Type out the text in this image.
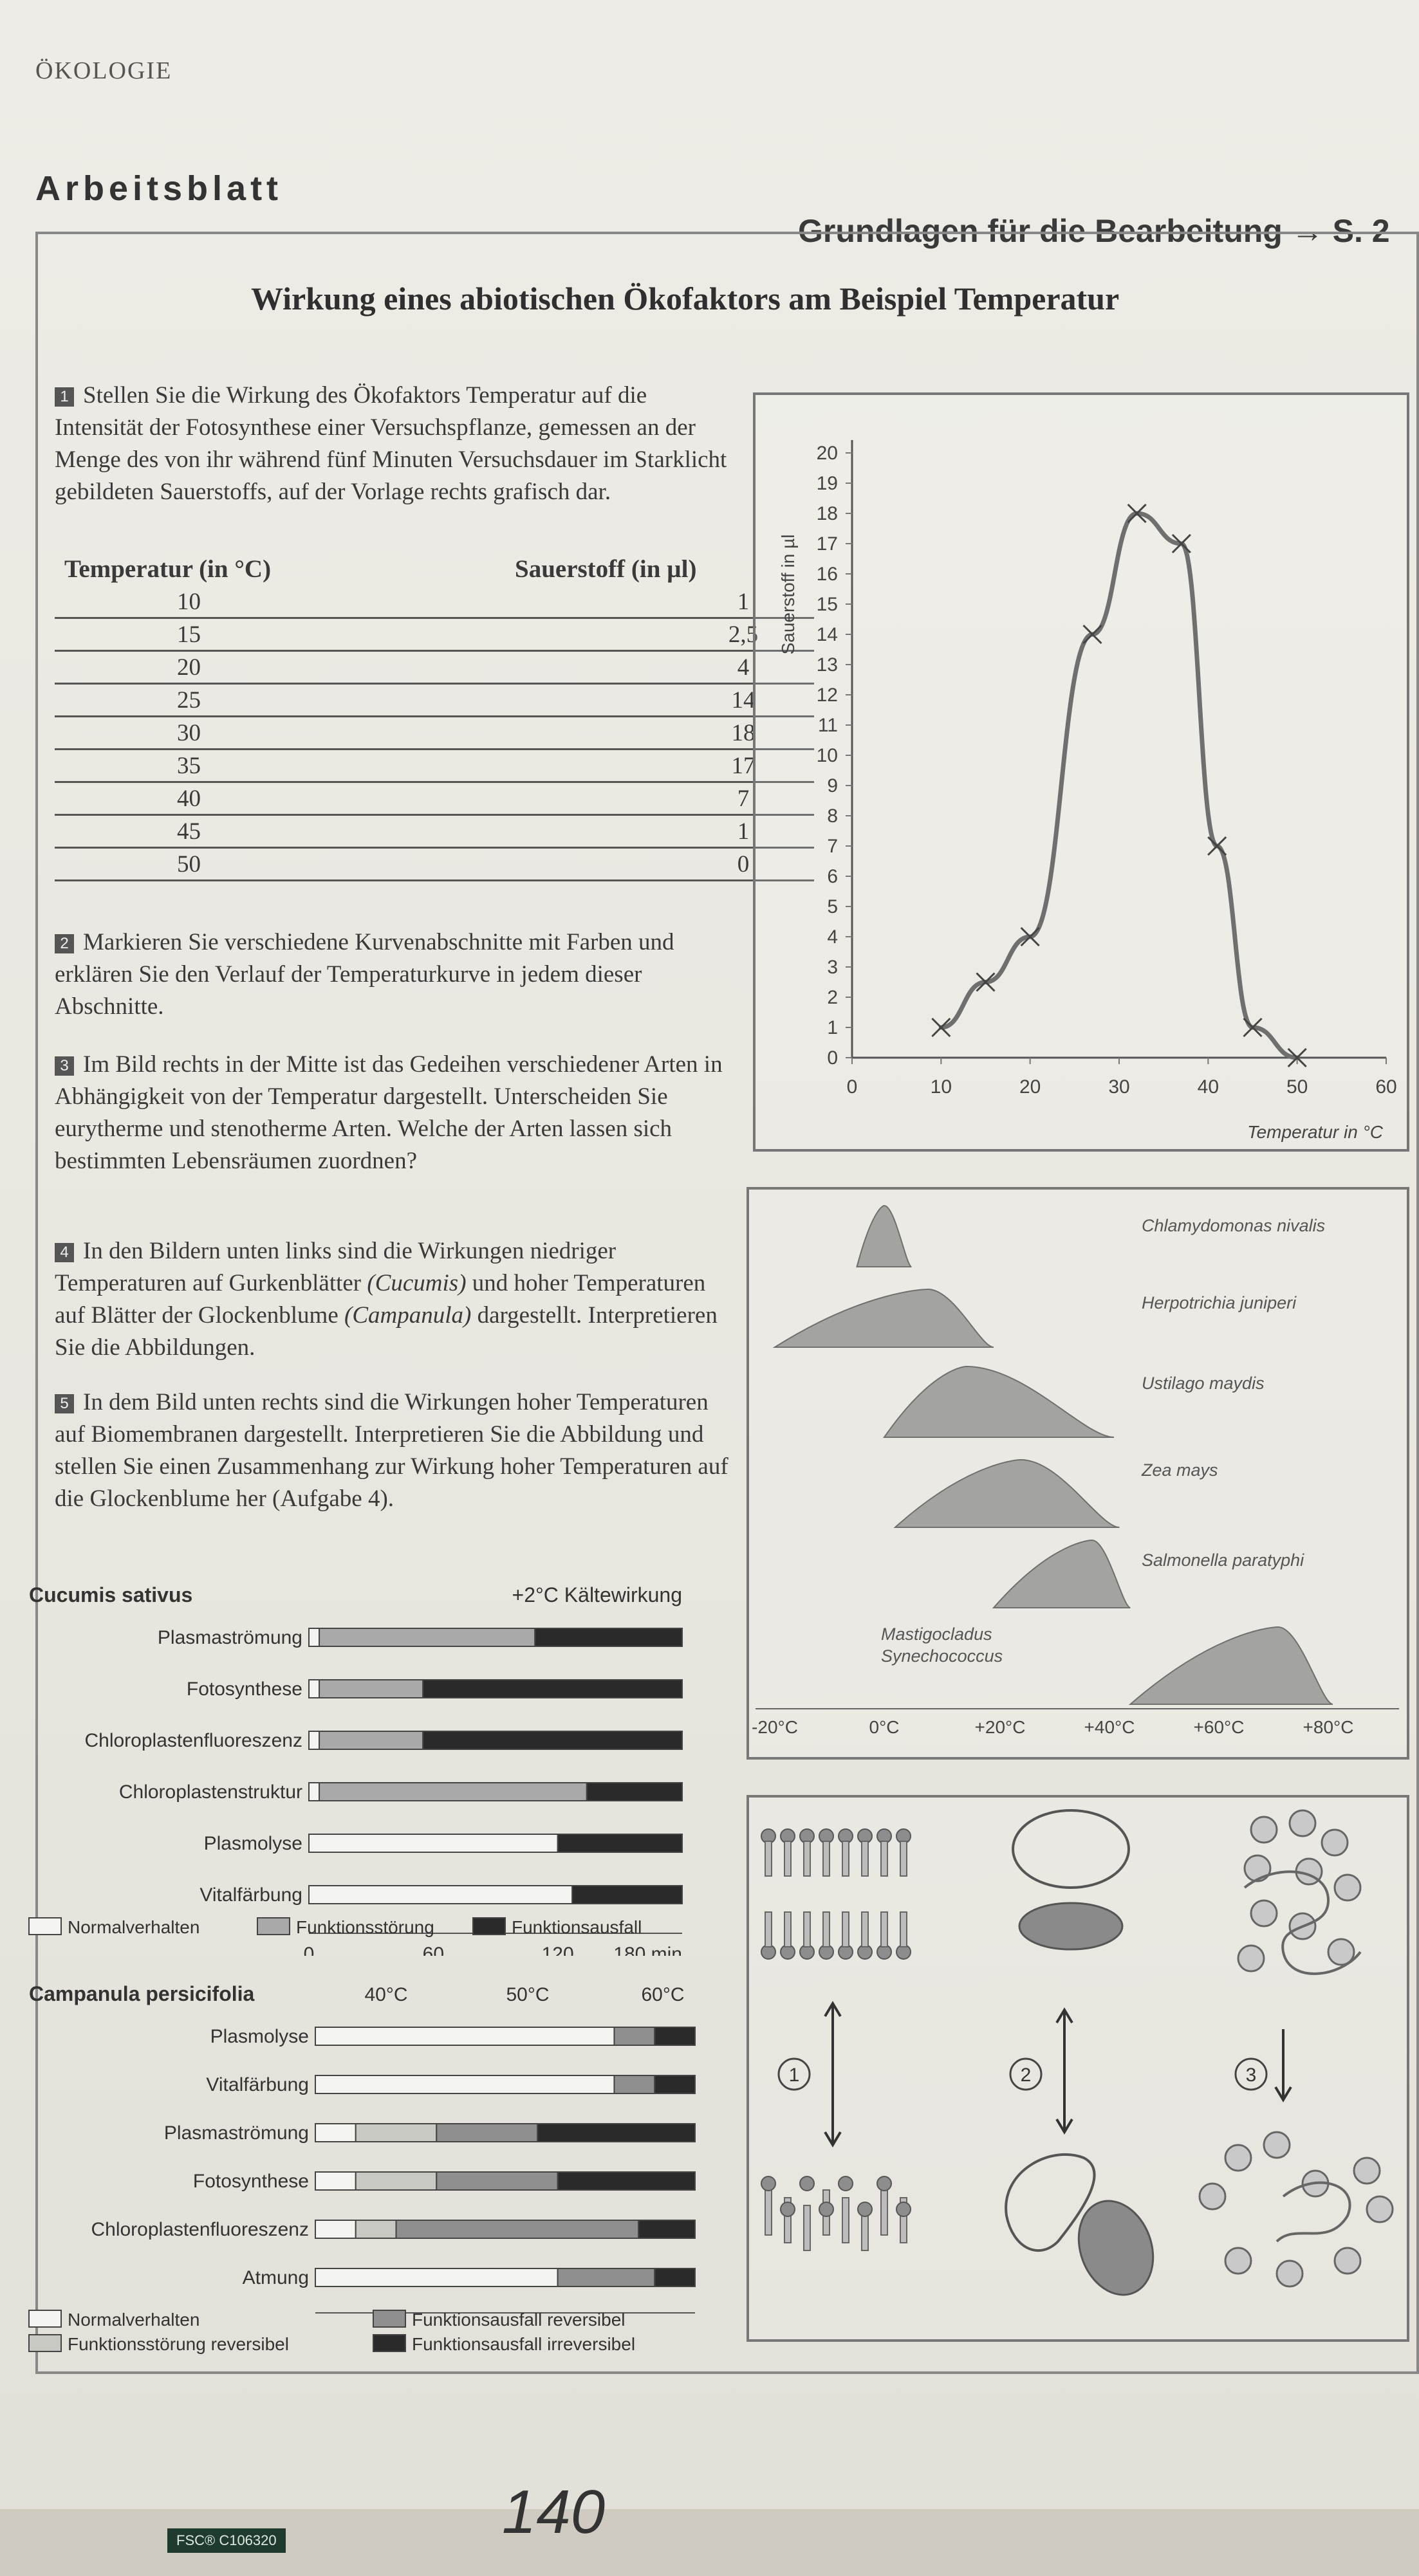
ÖKOLOGIE
Arbeitsblatt
Grundlagen für die Bearbeitung → S. 2
Wirkung eines abiotischen Ökofaktors am Beispiel Temperatur
1 Stellen Sie die Wirkung des Ökofaktors Temperatur auf die Intensität der Fotosynthese einer Versuchspflanze, gemessen an der Menge des von ihr während fünf Minuten Versuchsdauer im Starklicht gebildeten Sauerstoffs, auf der Vorlage rechts grafisch dar.
Temperatur (in °C)	Sauerstoff (in µl)
10	1
15	2,5
20	4
25	14
30	18
35	17
40	7
45	1
50	0
2 Markieren Sie verschiedene Kurvenabschnitte mit Farben und erklären Sie den Verlauf der Temperaturkurve in jedem dieser Abschnitte.
3 Im Bild rechts in der Mitte ist das Gedeihen verschiedener Arten in Abhängigkeit von der Temperatur dargestellt. Unterscheiden Sie eurytherme und stenotherme Arten. Welche der Arten lassen sich bestimmten Lebensräumen zuordnen?
4 In den Bildern unten links sind die Wirkungen niedriger Temperaturen auf Gurkenblätter (Cucumis) und hoher Temperaturen auf Blätter der Glockenblume (Campanula) dargestellt. Interpretieren Sie die Abbildungen.
5 In dem Bild unten rechts sind die Wirkungen hoher Temperaturen auf Biomembranen dargestellt. Interpretieren Sie die Abbildung und stellen Sie einen Zusammenhang zur Wirkung hoher Temperaturen auf die Glockenblume her (Aufgabe 4).
0
1
2
3
4
5
6
7
8
9
10
11
12
13
14
15
16
17
18
19
20
0	10	20	30	40	50	60
Temperatur in °C
Sauerstoff in µl
-20°C	0°C	+20°C	+40°C	+60°C	+80°C
Chlamydomonas nivalis
Herpotrichia juniperi
Ustilago maydis
Zea mays
Salmonella paratyphi
Mastigocladus
Synechococcus
Cucumis sativus	+2°C Kältewirkung
Plasmaströmung
Fotosynthese
Chloroplastenfluoreszenz
Chloroplastenstruktur
Plasmolyse
Vitalfärbung
0	60	120 180 min
Normalverhalten	Funktionsstörung	Funktionsausfall
Campanula persicifolia
Plasmolyse
Vitalfärbung
Plasmaströmung
Fotosynthese
Chloroplastenfluoreszenz
Atmung
40°C	50°C	60°C
Normalverhalten
Funktionsstörung reversibel
Funktionsausfall reversibel
Funktionsausfall irreversibel
1	2	3
FSC® C106320	140
